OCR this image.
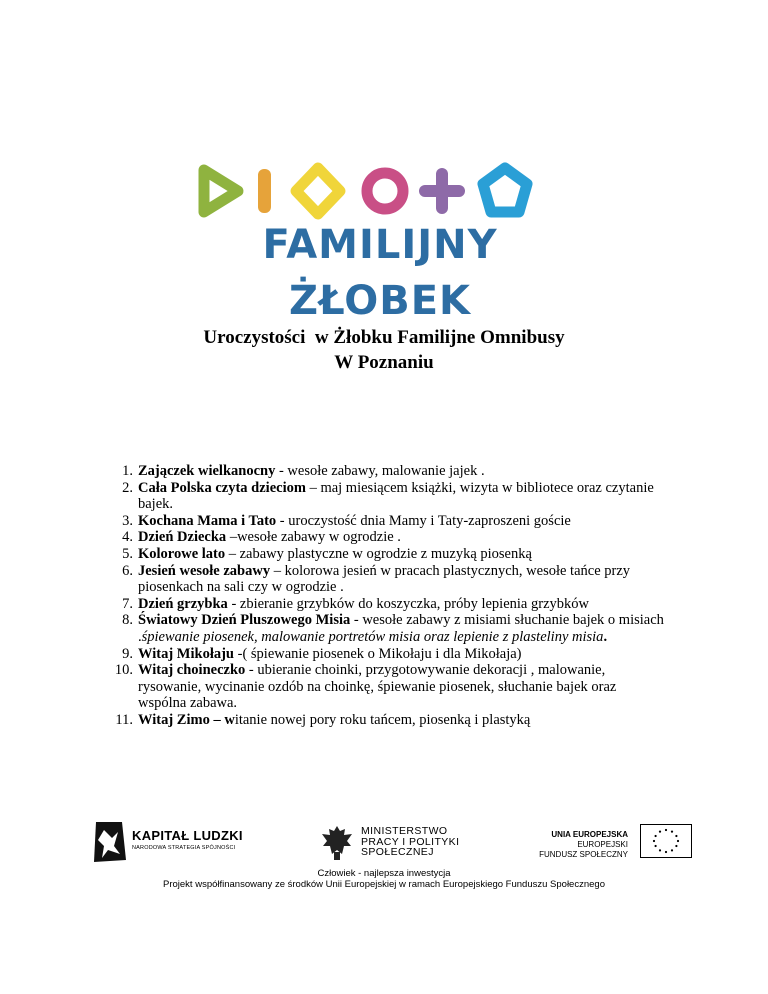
FAMILIJNY ŻŁOBEK
Uroczystości  w Żłobku Familijne Omnibusy
W Poznaniu
1. Zajączek wielkanocny - wesołe zabawy, malowanie jajek .
2. Cała Polska czyta dzieciom – maj miesiącem książki, wizyta w bibliotece oraz czytanie bajek.
3. Kochana Mama i Tato - uroczystość dnia Mamy i Taty-zaproszeni goście
4. Dzień Dziecka –wesołe zabawy w ogrodzie .
5. Kolorowe lato – zabawy plastyczne w ogrodzie z muzyką piosenką
6. Jesień wesołe zabawy – kolorowa jesień w pracach plastycznych, wesołe tańce przy piosenkach na sali czy w ogrodzie .
7. Dzień grzybka - zbieranie grzybków do koszyczka, próby lepienia grzybków
8. Światowy Dzień Pluszowego Misia - wesołe zabawy z misiami słuchanie bajek o misiach .śpiewanie piosenek, malowanie portretów misia oraz lepienie z plasteliny misia.
9. Witaj Mikołaju -( śpiewanie piosenek o Mikołaju i dla Mikołaja)
10. Witaj choineczko - ubieranie choinki, przygotowywanie dekoracji , malowanie, rysowanie, wycinanie ozdób na choinkę, śpiewanie piosenek, słuchanie bajek oraz wspólna zabawa.
11. Witaj Zimo – witanie nowej pory roku tańcem, piosenką i plastyką
KAPITAŁ LUDZKI
NARODOWA STRATEGIA SPÓJNOŚCI
MINISTERSTWO
PRACY I POLITYKI
SPOŁECZNEJ
UNIA EUROPEJSKA
EUROPEJSKI
FUNDUSZ SPOŁECZNY
Człowiek - najlepsza inwestycja
Projekt współfinansowany ze środków Unii Europejskiej w ramach Europejskiego Funduszu Społecznego
